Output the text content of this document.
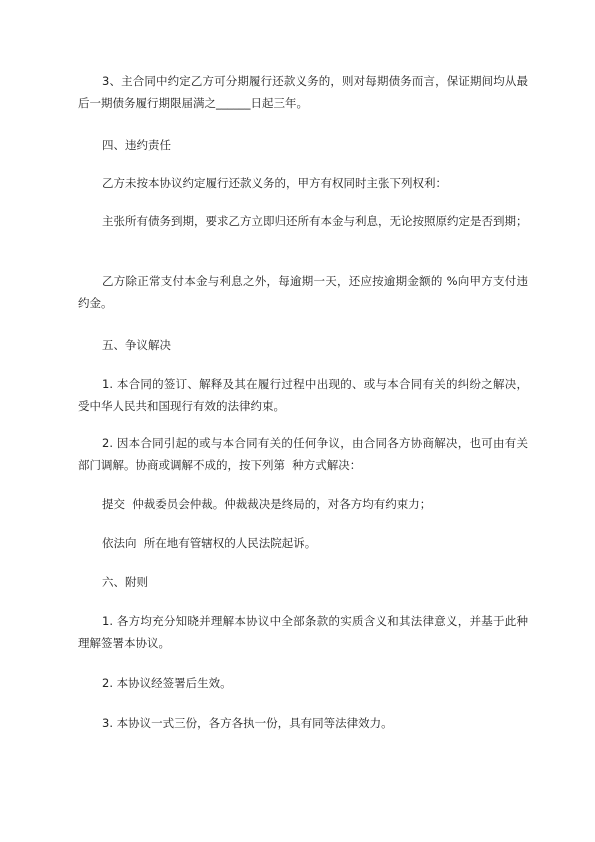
3、主合同中约定乙方可分期履行还款义务的，则对每期债务而言，保证期间均从最后一期债务履行期限届满之______日起三年。

四、违约责任

乙方未按本协议约定履行还款义务的，甲方有权同时主张下列权利：

主张所有债务到期，要求乙方立即归还所有本金与利息，无论按照原约定是否到期；

乙方除正常支付本金与利息之外，每逾期一天，还应按逾期金额的 %向甲方支付违约金。

五、争议解决

1. 本合同的签订、解释及其在履行过程中出现的、或与本合同有关的纠纷之解决，受中华人民共和国现行有效的法律约束。

2. 因本合同引起的或与本合同有关的任何争议，由合同各方协商解决，也可由有关部门调解。协商或调解不成的，按下列第  种方式解决：

提交  仲裁委员会仲裁。仲裁裁决是终局的，对各方均有约束力；

依法向  所在地有管辖权的人民法院起诉。

六、附则

1. 各方均充分知晓并理解本协议中全部条款的实质含义和其法律意义，并基于此种理解签署本协议。

2. 本协议经签署后生效。

3. 本协议一式三份，各方各执一份，具有同等法律效力。
